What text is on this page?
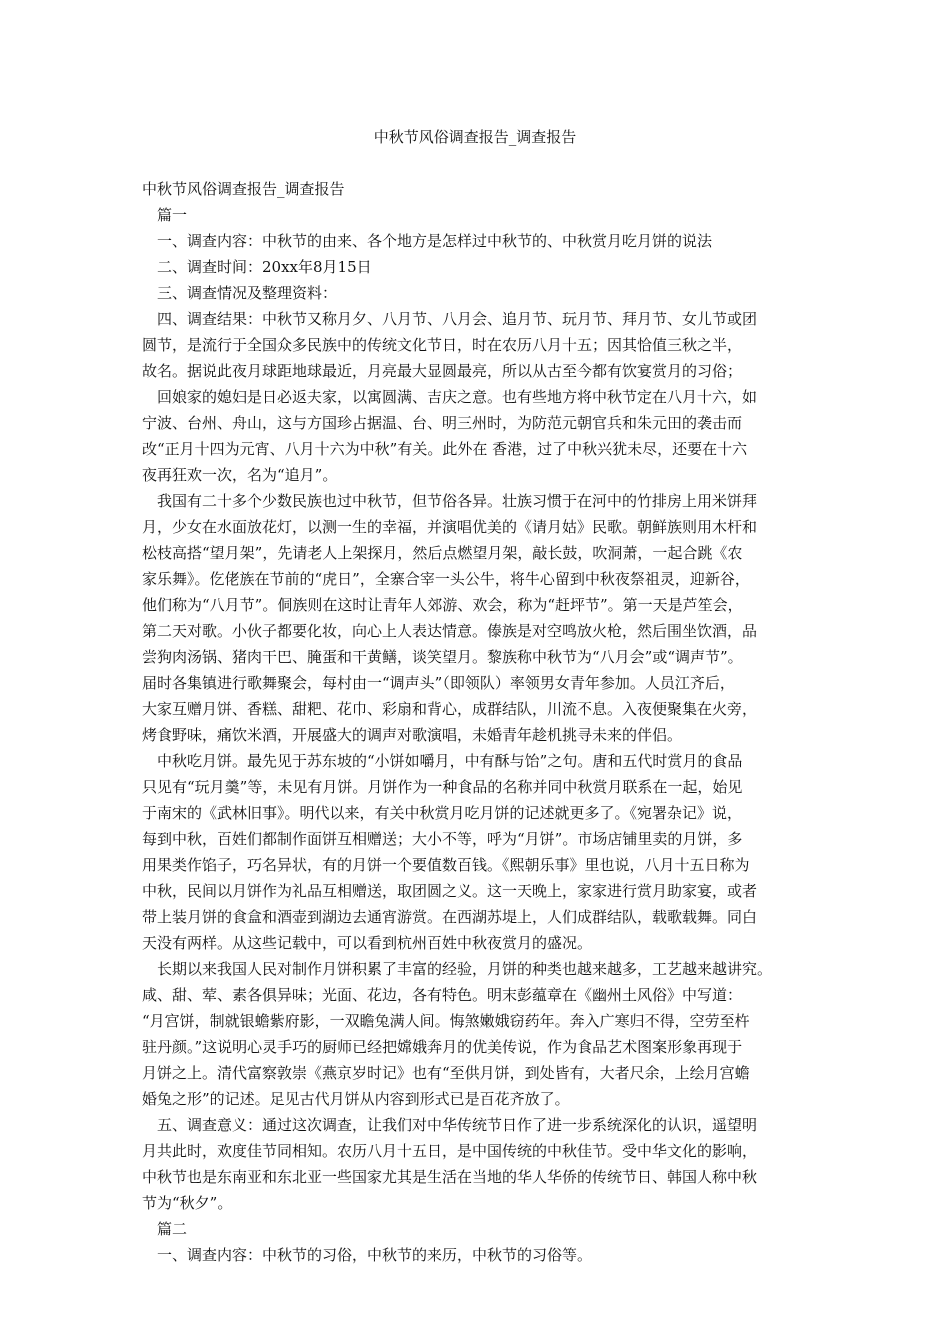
中秋节风俗调查报告_调查报告
中秋节风俗调查报告_调查报告
　篇一
　一、调查内容：中秋节的由来、各个地方是怎样过中秋节的、中秋赏月吃月饼的说法
　二、调查时间：20xx年8月15日
　三、调查情况及整理资料：
　四、调查结果：中秋节又称月夕、八月节、八月会、追月节、玩月节、拜月节、女儿节或团
圆节，是流行于全国众多民族中的传统文化节日，时在农历八月十五；因其恰值三秋之半，
故名。据说此夜月球距地球最近，月亮最大显圆最亮，所以从古至今都有饮宴赏月的习俗；
　回娘家的媳妇是日必返夫家，以寓圆满、吉庆之意。也有些地方将中秋节定在八月十六，如
宁波、台州、舟山，这与方国珍占据温、台、明三州时，为防范元朝官兵和朱元田的袭击而
改“正月十四为元宵、八月十六为中秋”有关。此外在 香港，过了中秋兴犹未尽，还要在十六
夜再狂欢一次，名为“追月”。
　我国有二十多个少数民族也过中秋节，但节俗各异。壮族习惯于在河中的竹排房上用米饼拜
月，少女在水面放花灯，以测一生的幸福，并演唱优美的《请月姑》民歌。朝鲜族则用木杆和
松枝高搭“望月架”，先请老人上架探月，然后点燃望月架，敲长鼓，吹洞萧，一起合跳《农
家乐舞》。仡佬族在节前的“虎日”，全寨合宰一头公牛，将牛心留到中秋夜祭祖灵，迎新谷，
他们称为“八月节”。侗族则在这时让青年人郊游、欢会，称为“赶坪节”。第一天是芦笙会，
第二天对歌。小伙子都要化妆，向心上人表达情意。傣族是对空鸣放火枪，然后围坐饮酒，品
尝狗肉汤锅、猪肉干巴、腌蛋和干黄鳝，谈笑望月。黎族称中秋节为“八月会”或“调声节”。
届时各集镇进行歌舞聚会，每村由一“调声头”（即领队）率领男女青年参加。人员江齐后，
大家互赠月饼、香糕、甜粑、花巾、彩扇和背心，成群结队，川流不息。入夜便聚集在火旁，
烤食野味，痛饮米酒，开展盛大的调声对歌演唱，未婚青年趁机挑寻未来的伴侣。
　中秋吃月饼。最先见于苏东坡的“小饼如嚼月，中有酥与饴”之句。唐和五代时赏月的食品
只见有“玩月羹”等，未见有月饼。月饼作为一种食品的名称并同中秋赏月联系在一起，始见
于南宋的《武林旧事》。明代以来，有关中秋赏月吃月饼的记述就更多了。《宛署杂记》说，
每到中秋，百姓们都制作面饼互相赠送；大小不等，呼为“月饼”。市场店铺里卖的月饼，多
用果类作馅子，巧名异状，有的月饼一个要值数百钱。《熙朝乐事》里也说，八月十五日称为
中秋，民间以月饼作为礼品互相赠送，取团圆之义。这一天晚上，家家进行赏月助家宴，或者
带上装月饼的食盒和酒壶到湖边去通宵游赏。在西湖苏堤上，人们成群结队，载歌载舞。同白
天没有两样。从这些记载中，可以看到杭州百姓中秋夜赏月的盛况。
　长期以来我国人民对制作月饼积累了丰富的经验，月饼的种类也越来越多，工艺越来越讲究。
咸、甜、荤、素各俱异味；光面、花边，各有特色。明末彭蕴章在《幽州土风俗》中写道：
“月宫饼，制就银蟾紫府影，一双瞻兔满人间。悔煞嫩娥窃药年。奔入广寒归不得，空劳至杵
驻丹颜。”这说明心灵手巧的厨师已经把嫦娥奔月的优美传说，作为食品艺术图案形象再现于
月饼之上。清代富察敦崇《燕京岁时记》也有“至供月饼，到处皆有，大者尺余，上绘月宫蟾
婚兔之形”的记述。足见古代月饼从内容到形式已是百花齐放了。
　五、调查意义：通过这次调查，让我们对中华传统节日作了进一步系统深化的认识，遥望明
月共此时，欢度佳节同相知。农历八月十五日，是中国传统的中秋佳节。受中华文化的影响，
中秋节也是东南亚和东北亚一些国家尤其是生活在当地的华人华侨的传统节日、韩国人称中秋
节为“秋夕”。
　篇二
　一、调查内容：中秋节的习俗，中秋节的来历，中秋节的习俗等。
